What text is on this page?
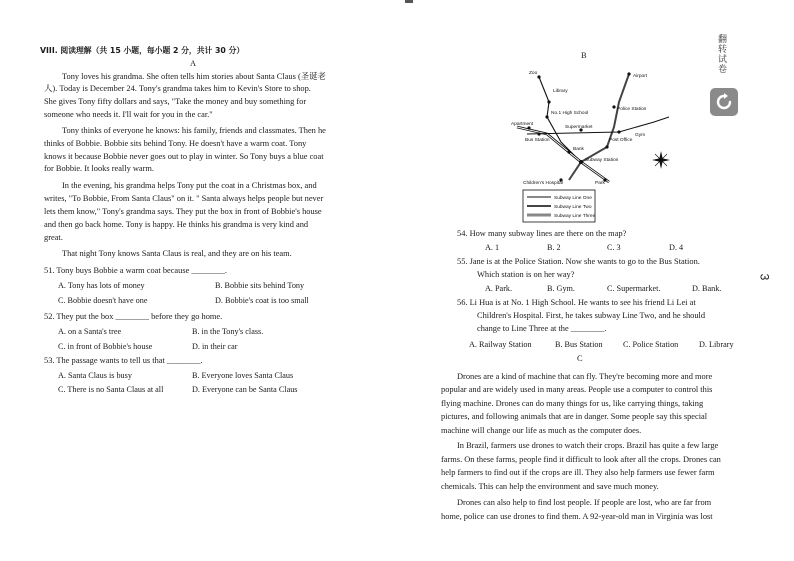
VIII. 阅读理解（共 15 小题，每小题 2 分，共计 30 分）
A
Tony loves his grandma. She often tells him stories about Santa Claus (圣诞老
人). Today is December 24. Tony's grandma takes him to Kevin's Store to shop.
She gives Tony fifty dollars and says, "Take the money and buy something for
someone who needs it. I'll wait for you in the car."
Tony thinks of everyone he knows: his family, friends and classmates. Then he
thinks of Bobbie. Bobbie sits behind Tony. He doesn't have a warm coat. Tony
knows it because Bobbie never goes out to play in winter. So Tony buys a blue coat
for Bobbie. It looks really warm.
In the evening, his grandma helps Tony put the coat in a Christmas box, and
writes, "To Bobbie, From Santa Claus" on it. " Santa always helps people but never
lets them know," Tony's grandma says. They put the box in front of Bobbie's house
and then go back home. Tony is happy. He thinks his grandma is very kind and
great.
That night Tony knows Santa Claus is real, and they are on his team.
51. Tony buys Bobbie a warm coat because ________.
A. Tony has lots of money	B. Bobbie sits behind Tony
C. Bobbie doesn't have one	D. Bobbie's coat is too small
52. They put the box ________ before they go home.
A. on a Santa's tree	B. in the Tony's class.
C. in front of Bobbie's house	D. in their car
53. The passage wants to tell us that ________.
A. Santa Claus is busy	B. Everyone loves Santa Claus
C. There is no Santa Claus at all	D. Everyone can be Santa Claus
B
Zoo
Airport
Library
No.1 High School
Police Station
Apartment
Supermarket
Gym
Bus Station	Post Office
Bank
Subway Station
Children's Hospital	Park
Subway Line One
Subway Line Two
Subway Line Three
翻转试卷
3
54. How many subway lines are there on the map?
A. 1	B. 2	C. 3	D. 4
55. Jane is at the Police Station. Now she wants to go to the Bus Station.
Which station is on her way?
A. Park.	B. Gym.	C. Supermarket.	D. Bank.
56. Li Hua is at No. 1 High School. He wants to see his friend Li Lei at
Children's Hospital. First, he takes subway Line Two, and he should
change to Line Three at the ________.
A. Railway Station	B. Bus Station C. Police Station	D. Library
C
Drones are a kind of machine that can fly. They're becoming more and more
popular and are widely used in many areas. People use a computer to control this
flying machine. Drones can do many things for us, like carrying things, taking
pictures, and following animals that are in danger. Some people say this special
machine will change our life as much as the computer does.
In Brazil, farmers use drones to watch their crops. Brazil has quite a few large
farms. On these farms, people find it difficult to look after all the crops. Drones can
help farmers to find out if the crops are ill. They also help farmers use fewer farm
chemicals. This can help the environment and save much money.
Drones can also help to find lost people. If people are lost, who are far from
home, police can use drones to find them. A 92-year-old man in Virginia was lost
